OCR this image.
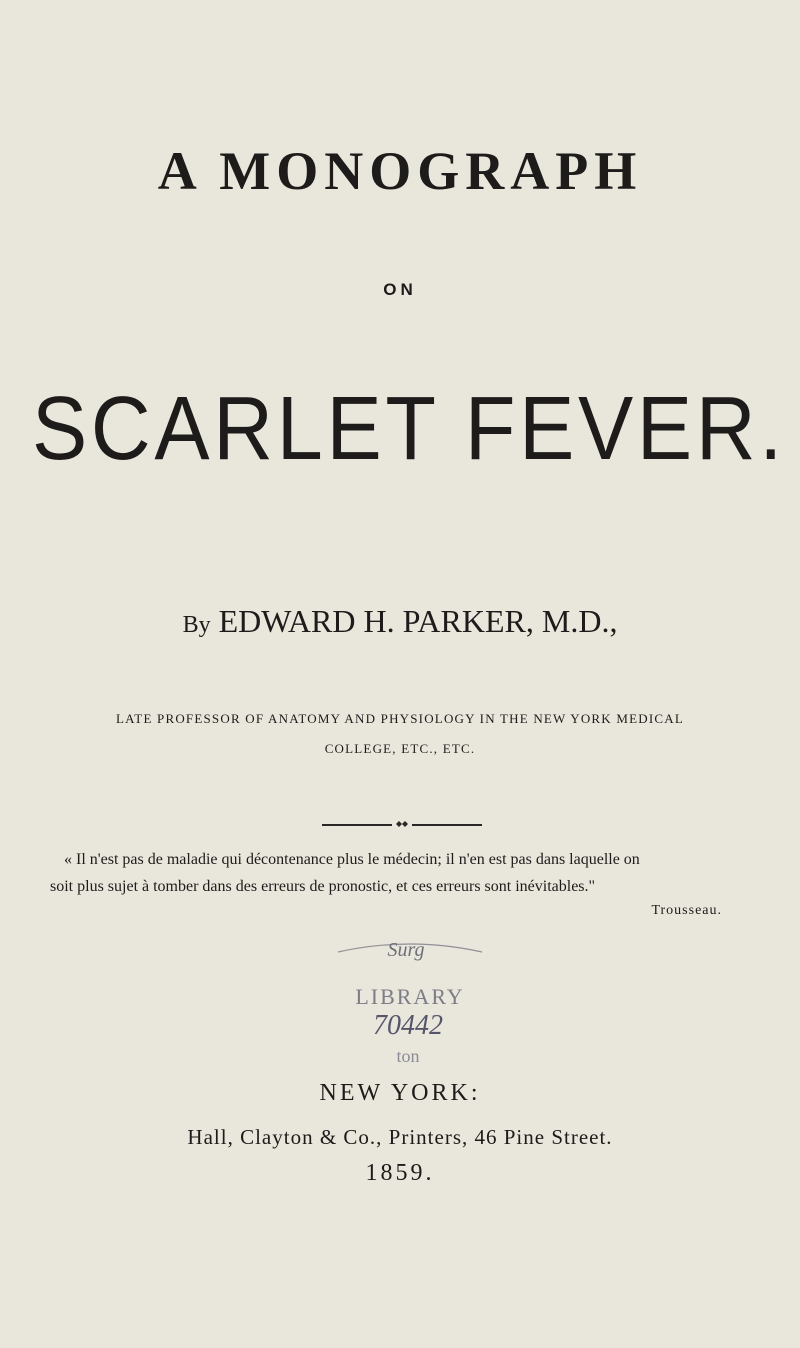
A MONOGRAPH
ON
SCARLET FEVER.
By EDWARD H. PARKER, M.D.,
LATE PROFESSOR OF ANATOMY AND PHYSIOLOGY IN THE NEW YORK MEDICAL
COLLEGE, ETC., ETC.
« Il n'est pas de maladie qui décontenance plus le médecin; il n'en est pas dans laquelle on
soit plus sujet à tomber dans des erreurs de pronostic, et ces erreurs sont inévitables."
Trousseau.
Surg
LIBRARY
70442
ton
NEW YORK:
Hall, Clayton & Co., Printers, 46 Pine Street.
1859.
